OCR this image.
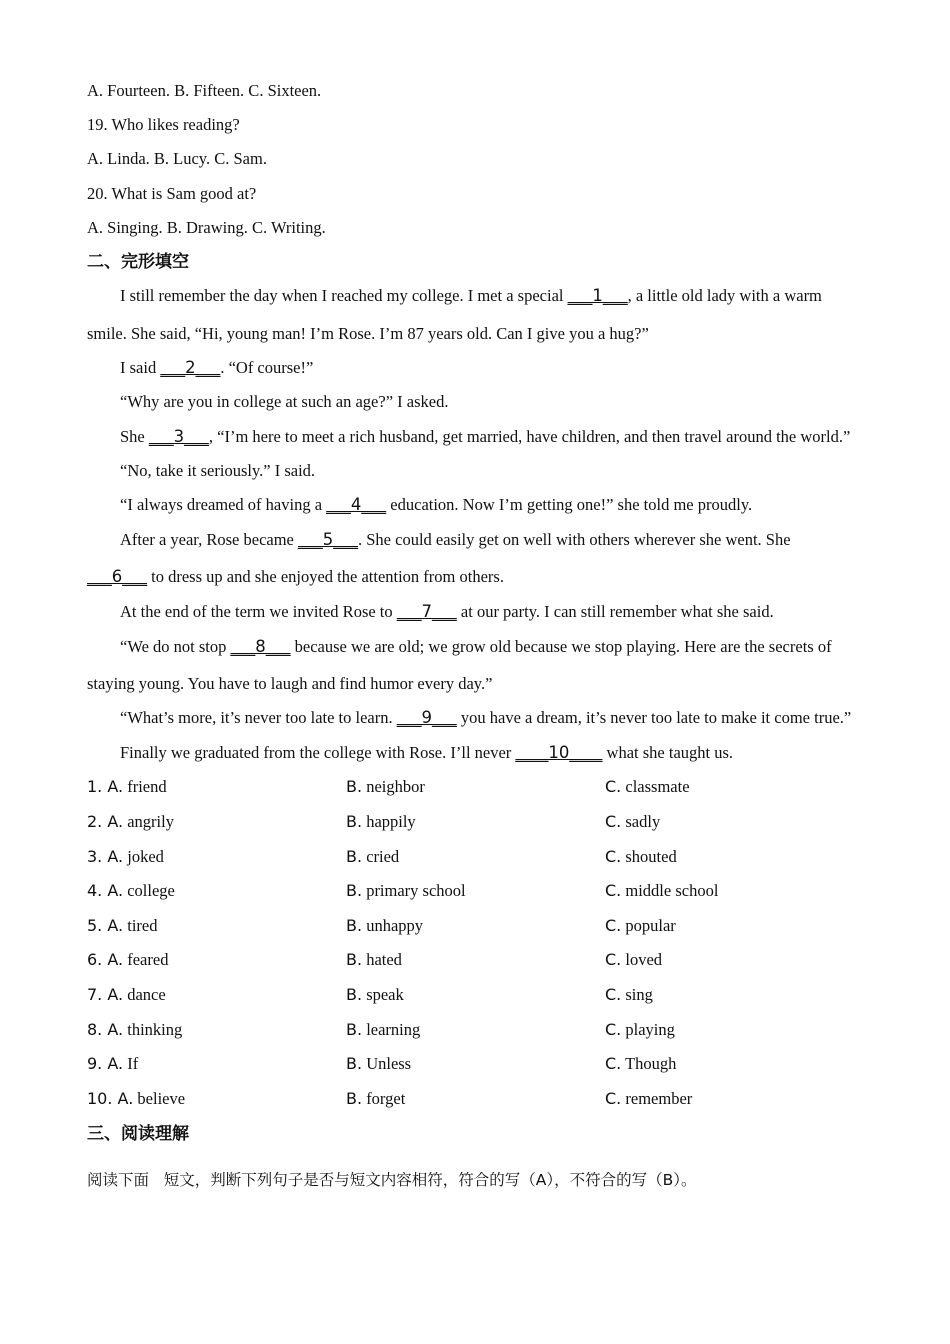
A. Fourteen. B. Fifteen. C. Sixteen.
19. Who likes reading?
A. Linda. B. Lucy. C. Sam.
20. What is Sam good at?
A. Singing. B. Drawing. C. Writing.
二、完形填空
I still remember the day when I reached my college. I met a special ___1___, a little old lady with a warm
smile. She said, “Hi, young man! I’m Rose. I’m 87 years old. Can I give you a hug?”
I said ___2___. “Of course!”
“Why are you in college at such an age?” I asked.
She ___3___, “I’m here to meet a rich husband, get married, have children, and then travel around the world.”
“No, take it seriously.” I said.
“I always dreamed of having a ___4___ education. Now I’m getting one!” she told me proudly.
After a year, Rose became ___5___. She could easily get on well with others wherever she went. She
___6___ to dress up and she enjoyed the attention from others.
At the end of the term we invited Rose to ___7___ at our party. I can still remember what she said.
“We do not stop ___8___ because we are old; we grow old because we stop playing. Here are the secrets of
staying young. You have to laugh and find humor every day.”
“What’s more, it’s never too late to learn. ___9___ you have a dream, it’s never too late to make it come true.”
Finally we graduated from the college with Rose. I’ll never ____10____ what she taught us.
1. A. friend	B. neighbor	C. classmate
2. A. angrily	B. happily	C. sadly
3. A. joked	B. cried	C. shouted
4. A. college	B. primary school	C. middle school
5. A. tired	B. unhappy	C. popular
6. A. feared	B. hated	C. loved
7. A. dance	B. speak	C. sing
8. A. thinking	B. learning	C. playing
9. A. If	B. Unless	C. Though
10. A. believe	B. forget	C. remember
三、阅读理解
阅读下面   短文，判断下列句子是否与短文内容相符，符合的写（A），不符合的写（B）。
